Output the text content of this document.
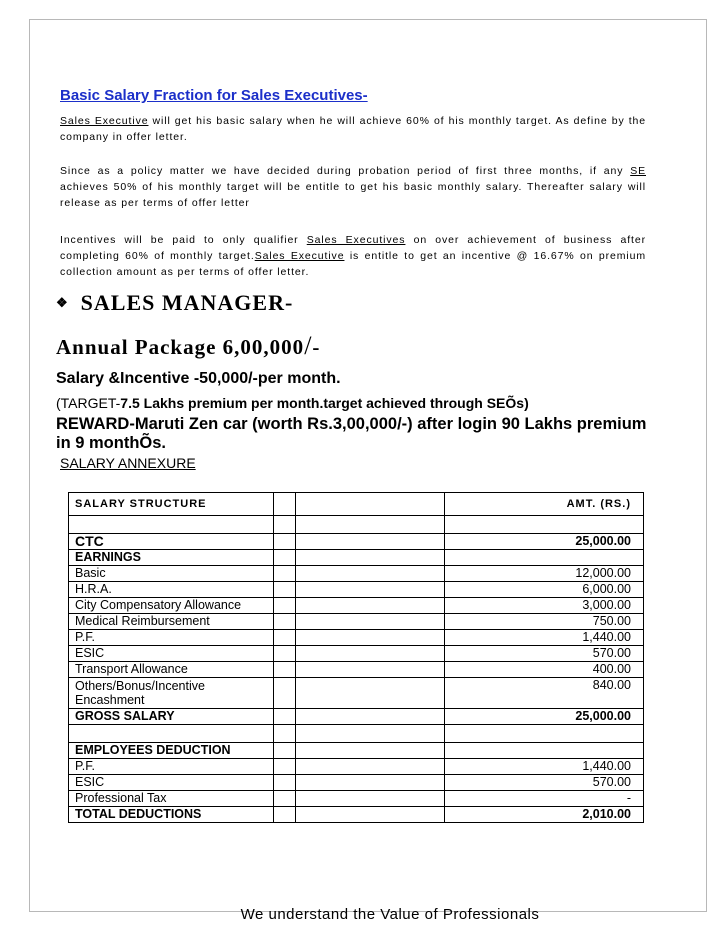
Basic Salary Fraction for Sales Executives-
Sales Executive will get his basic salary when he will achieve 60% of his monthly target. As define by the company in offer letter.
Since as a policy matter we have decided during probation period of first three months, if any SE achieves 50% of his monthly target will be entitle to get his basic monthly salary. Thereafter salary will release as per terms of offer letter
Incentives will be paid to only qualifier Sales Executives on over achievement of business after completing 60% of monthly target.Sales Executive is entitle to get an incentive @ 16.67% on premium collection amount as per terms of offer letter.
❖ SALES MANAGER-
Annual Package 6,00,000/-
Salary &Incentive -50,000/-per month.
(TARGET-7.5 Lakhs premium per month.target achieved through SEÕs)
REWARD-Maruti Zen car (worth Rs.3,00,000/-) after login 90 Lakhs premium in 9 monthÕs.
SALARY ANNEXURE
SALARY STRUCTURE			AMT. (RS.)

CTC			25,000.00
EARNINGS			
Basic			12,000.00
H.R.A.			6,000.00
City Compensatory Allowance			3,000.00
Medical Reimbursement			750.00
P.F.			1,440.00
ESIC			570.00
Transport Allowance			400.00
Others/Bonus/Incentive Encashment			840.00
GROSS SALARY			25,000.00

EMPLOYEES DEDUCTION			
P.F.			1,440.00
ESIC			570.00
Professional Tax			-
TOTAL DEDUCTIONS			2,010.00
We understand the Value of Professionals
